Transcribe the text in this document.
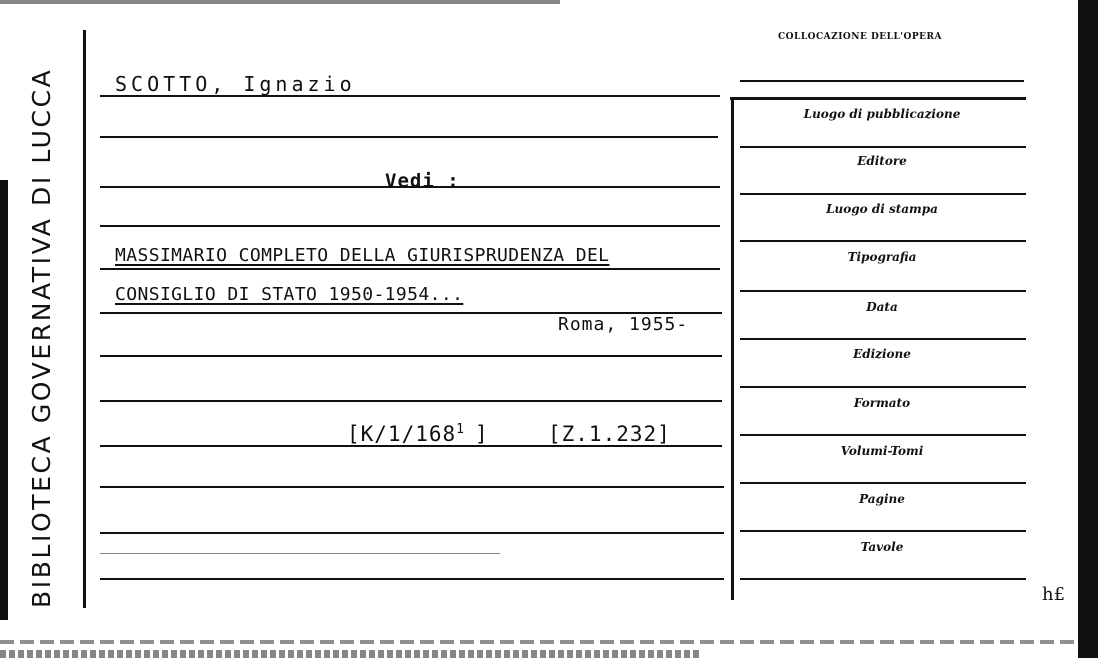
BIBLIOTECA GOVERNATIVA DI LUCCA
COLLOCAZIONE DELL'OPERA
Luogo di pubblicazione
Editore
Luogo di stampa
Tipografia
Data
Edizione
Formato
Volumi-Tomi
Pagine
Tavole
SCOTTO, Ignazio
Vedi :
MASSIMARIO COMPLETO DELLA GIURISPRUDENZA DEL
CONSIGLIO DI STATO 1950-1954...
Roma, 1955-
[$K/1/168^1$ ]	[Z.1.232]
h£
